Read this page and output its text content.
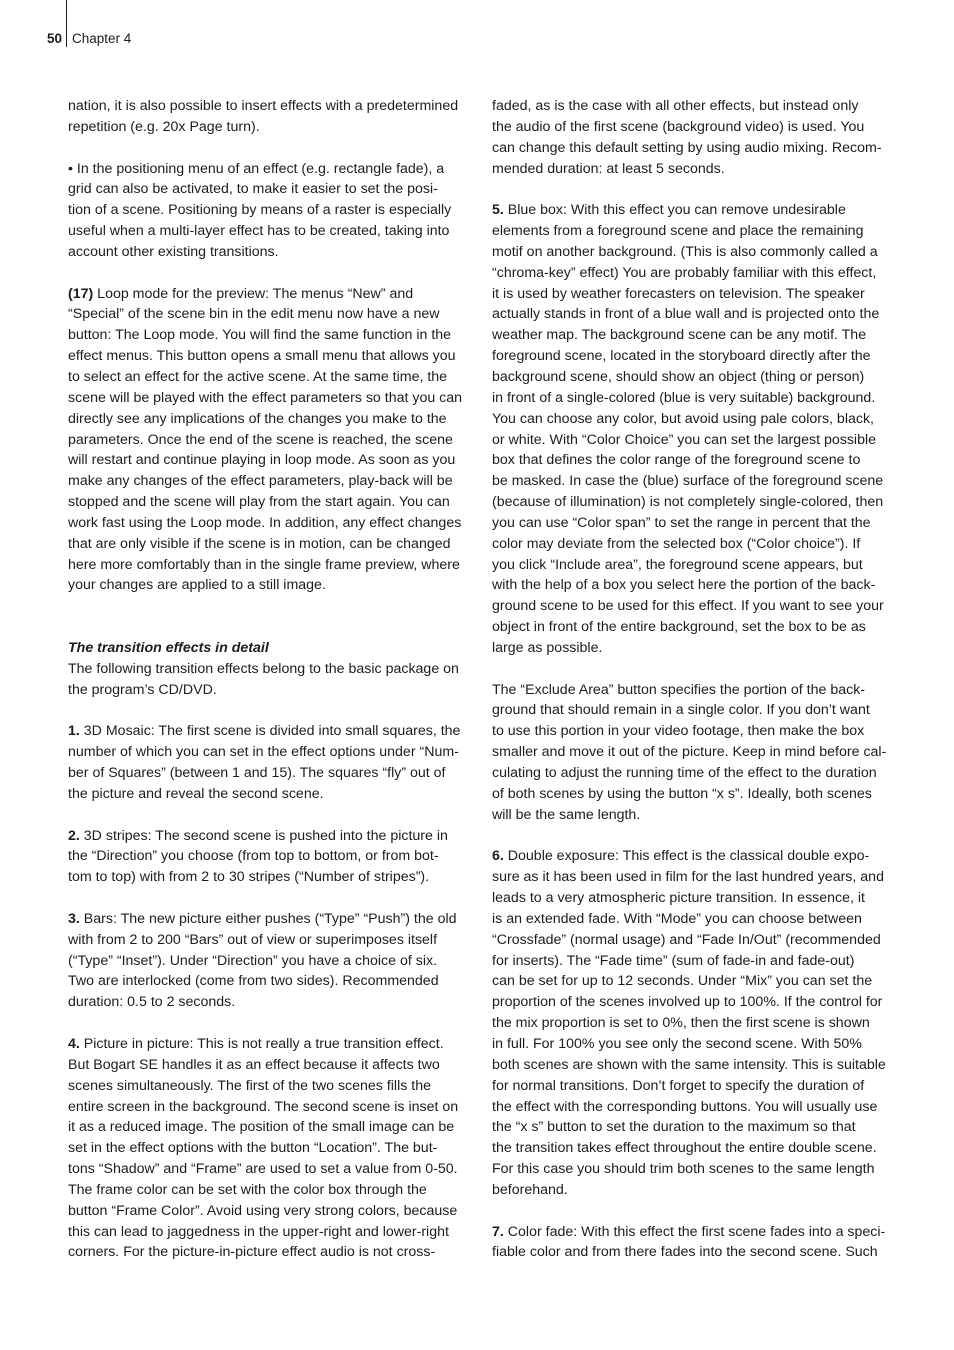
50 Chapter 4
nation, it is also possible to insert effects with a predetermined
repetition (e.g. 20x Page turn).
• In the positioning menu of an effect (e.g. rectangle fade), a
grid can also be activated, to make it easier to set the posi-
tion of a scene. Positioning by means of a raster is especially
useful when a multi-layer effect has to be created, taking into
account other existing transitions.
(17) Loop mode for the preview: The menus “New” and
“Special” of the scene bin in the edit menu now have a new
button: The Loop mode. You will find the same function in the
effect menus. This button opens a small menu that allows you
to select an effect for the active scene. At the same time, the
scene will be played with the effect parameters so that you can
directly see any implications of the changes you make to the
parameters. Once the end of the scene is reached, the scene
will restart and continue playing in loop mode. As soon as you
make any changes of the effect parameters, play-back will be
stopped and the scene will play from the start again. You can
work fast using the Loop mode. In addition, any effect changes
that are only visible if the scene is in motion, can be changed
here more comfortably than in the single frame preview, where
your changes are applied to a still image.
The transition effects in detail
The following transition effects belong to the basic package on
the program’s CD/DVD.
1. 3D Mosaic: The first scene is divided into small squares, the
number of which you can set in the effect options under “Num-
ber of Squares” (between 1 and 15). The squares “fly” out of
the picture and reveal the second scene.
2. 3D stripes: The second scene is pushed into the picture in
the “Direction” you choose (from top to bottom, or from bot-
tom to top) with from 2 to 30 stripes (“Number of stripes”).
3. Bars: The new picture either pushes (“Type” “Push”) the old
with from 2 to 200 “Bars” out of view or superimposes itself
(“Type” “Inset”). Under “Direction” you have a choice of six.
Two are interlocked (come from two sides). Recommended
duration: 0.5 to 2 seconds.
4. Picture in picture: This is not really a true transition effect.
But Bogart SE handles it as an effect because it affects two
scenes simultaneously. The first of the two scenes fills the
entire screen in the background. The second scene is inset on
it as a reduced image. The position of the small image can be
set in the effect options with the button “Location”. The but-
tons “Shadow” and “Frame” are used to set a value from 0-50.
The frame color can be set with the color box through the
button “Frame Color”. Avoid using very strong colors, because
this can lead to jaggedness in the upper-right and lower-right
corners. For the picture-in-picture effect audio is not cross-
faded, as is the case with all other effects, but instead only
the audio of the first scene (background video) is used. You
can change this default setting by using audio mixing. Recom-
mended duration: at least 5 seconds.
5. Blue box: With this effect you can remove undesirable
elements from a foreground scene and place the remaining
motif on another background. (This is also commonly called a
“chroma-key” effect) You are probably familiar with this effect,
it is used by weather forecasters on television. The speaker
actually stands in front of a blue wall and is projected onto the
weather map. The background scene can be any motif. The
foreground scene, located in the storyboard directly after the
background scene, should show an object (thing or person)
in front of a single-colored (blue is very suitable) background.
You can choose any color, but avoid using pale colors, black,
or white. With “Color Choice” you can set the largest possible
box that defines the color range of the foreground scene to
be masked. In case the (blue) surface of the foreground scene
(because of illumination) is not completely single-colored, then
you can use “Color span” to set the range in percent that the
color may deviate from the selected box (“Color choice”). If
you click “Include area”, the foreground scene appears, but
with the help of a box you select here the portion of the back-
ground scene to be used for this effect. If you want to see your
object in front of the entire background, set the box to be as
large as possible.
The “Exclude Area” button specifies the portion of the back-
ground that should remain in a single color. If you don’t want
to use this portion in your video footage, then make the box
smaller and move it out of the picture. Keep in mind before cal-
culating to adjust the running time of the effect to the duration
of both scenes by using the button “x s”. Ideally, both scenes
will be the same length.
6. Double exposure: This effect is the classical double expo-
sure as it has been used in film for the last hundred years, and
leads to a very atmospheric picture transition. In essence, it
is an extended fade. With “Mode” you can choose between
“Crossfade” (normal usage) and “Fade In/Out” (recommended
for inserts). The “Fade time” (sum of fade-in and fade-out)
can be set for up to 12 seconds. Under “Mix” you can set the
proportion of the scenes involved up to 100%. If the control for
the mix proportion is set to 0%, then the first scene is shown
in full. For 100% you see only the second scene. With 50%
both scenes are shown with the same intensity. This is suitable
for normal transitions. Don’t forget to specify the duration of
the effect with the corresponding buttons. You will usually use
the “x s” button to set the duration to the maximum so that
the transition takes effect throughout the entire double scene.
For this case you should trim both scenes to the same length
beforehand.
7. Color fade: With this effect the first scene fades into a speci-
fiable color and from there fades into the second scene. Such
